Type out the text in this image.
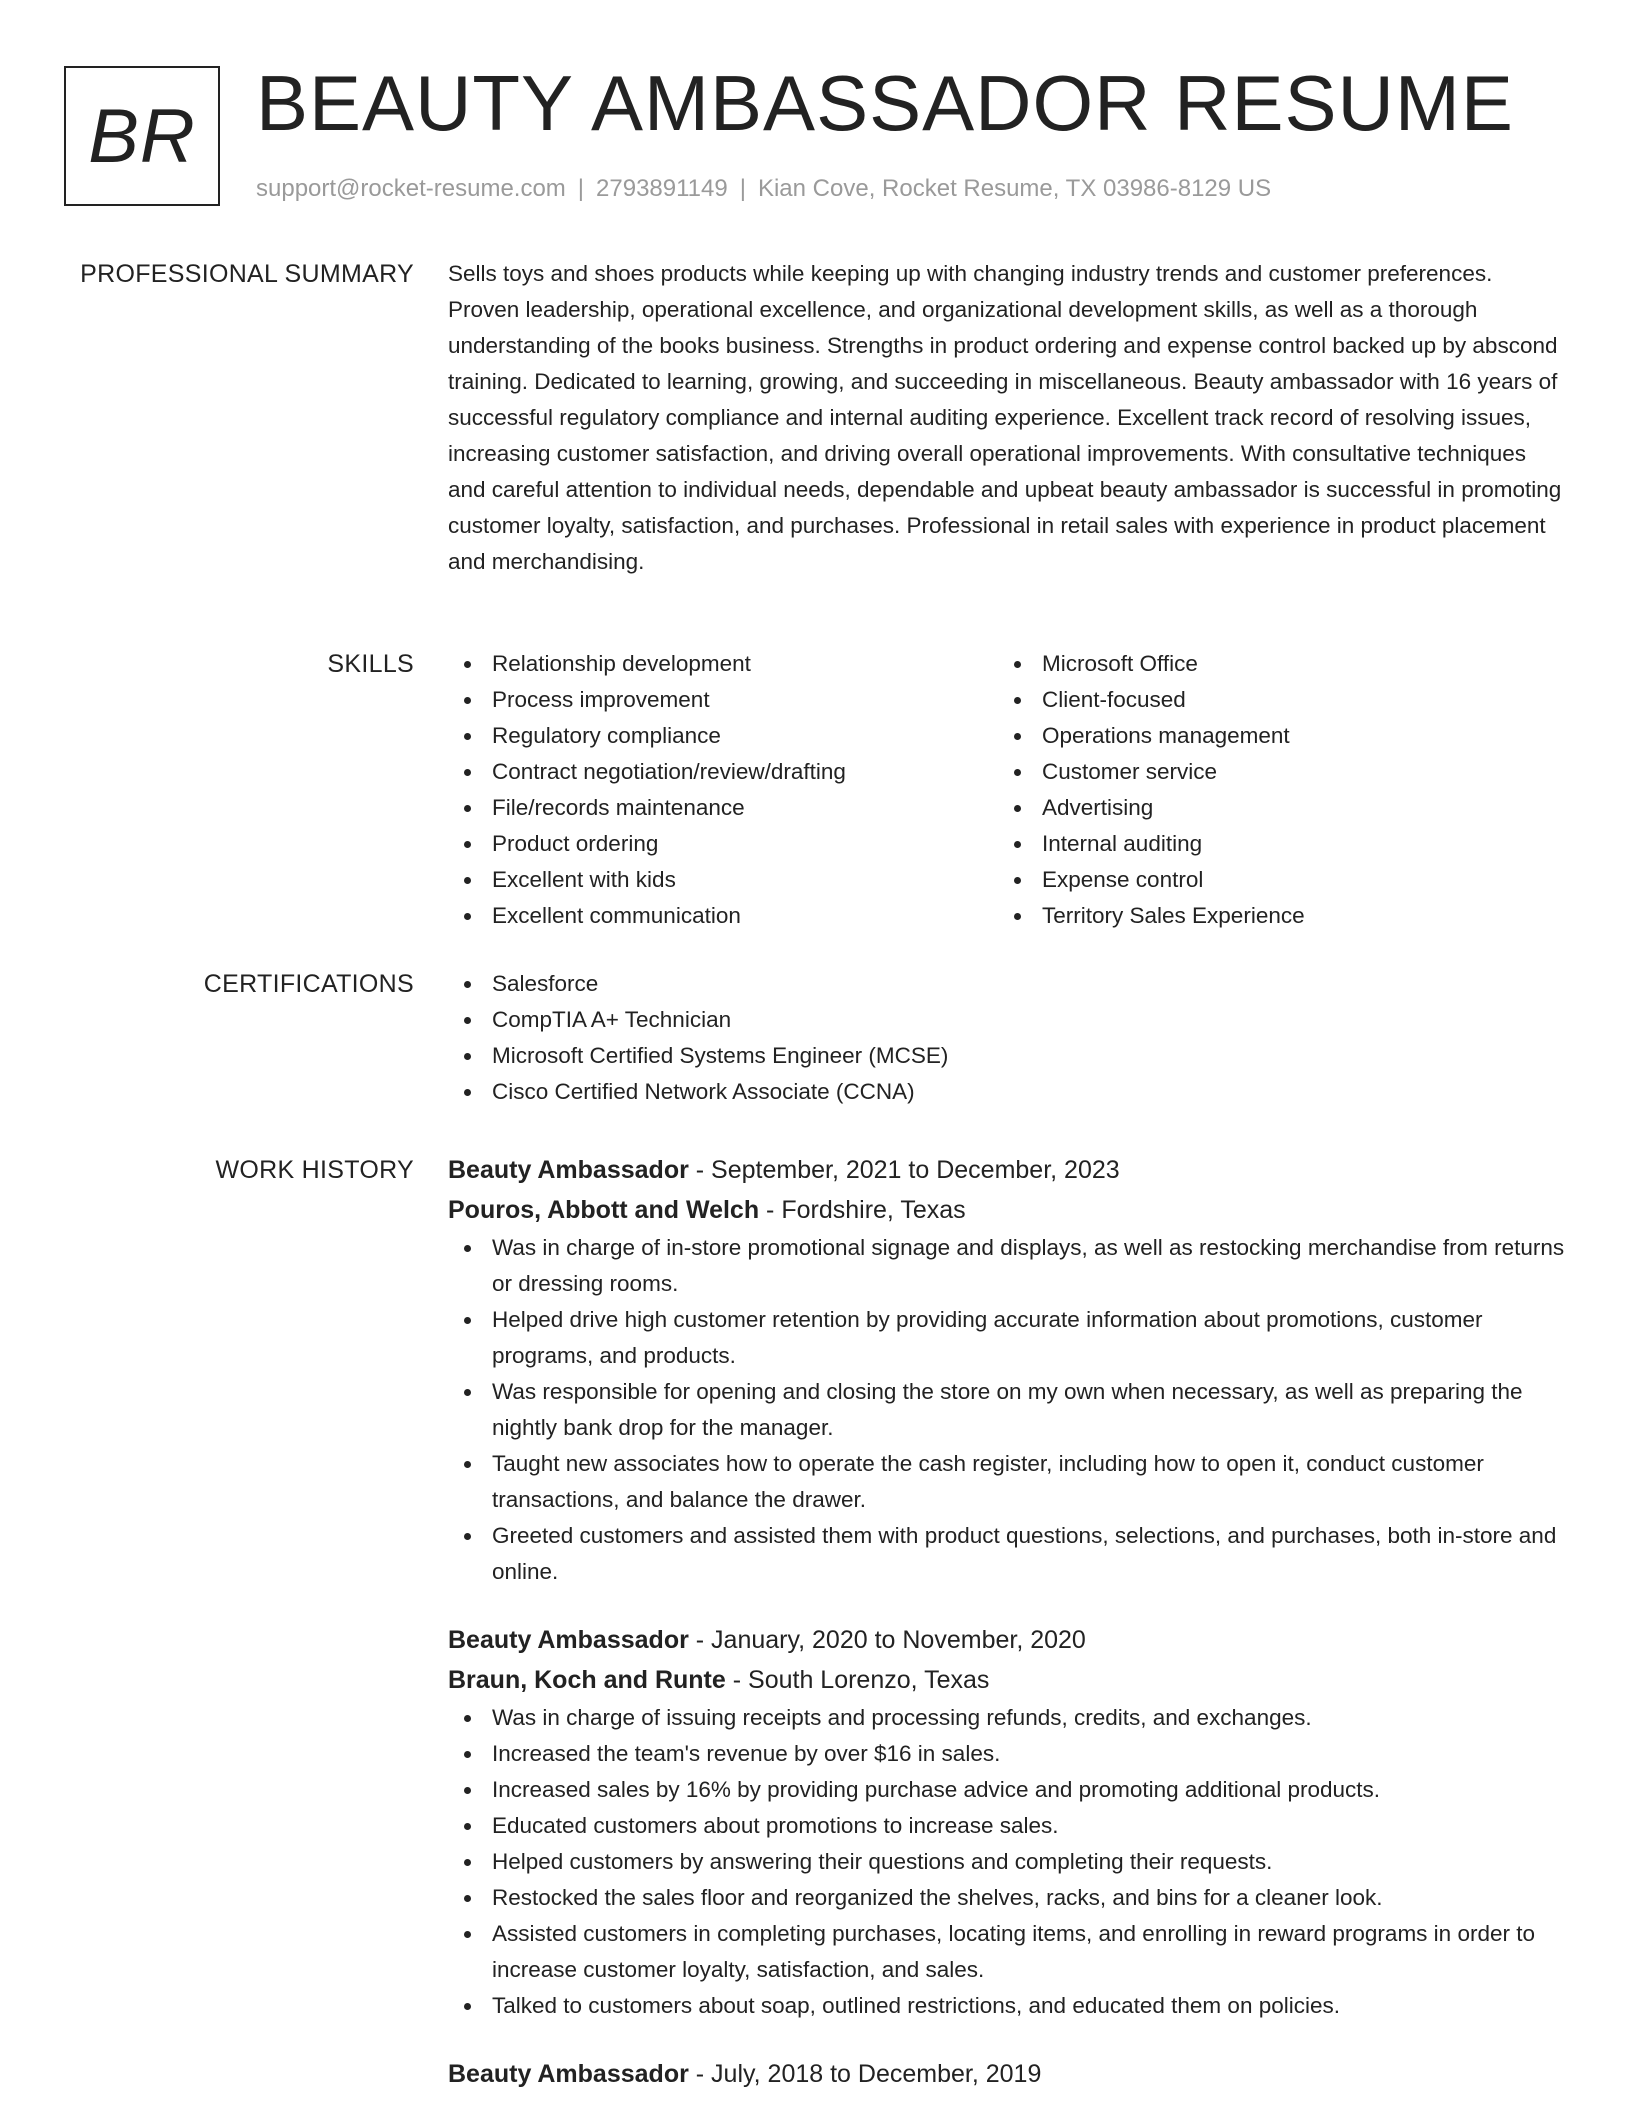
BR BEAUTY AMBASSADOR RESUME
support@rocket-resume.com | 2793891149 | Kian Cove, Rocket Resume, TX 03986-8129 US
PROFESSIONAL SUMMARY Sells toys and shoes products while keeping up with changing industry trends and customer preferences. Proven leadership, operational excellence, and organizational development skills, as well as a thorough understanding of the books business. Strengths in product ordering and expense control backed up by abscond training. Dedicated to learning, growing, and succeeding in miscellaneous. Beauty ambassador with 16 years of successful regulatory compliance and internal auditing experience. Excellent track record of resolving issues, increasing customer satisfaction, and driving overall operational improvements. With consultative techniques and careful attention to individual needs, dependable and upbeat beauty ambassador is successful in promoting customer loyalty, satisfaction, and purchases. Professional in retail sales with experience in product placement and merchandising.

SKILLS	Relationship development
Process improvement
Regulatory compliance
Contract negotiation/review/drafting
File/records maintenance
Product ordering
Excellent with kids
Excellent communication
Microsoft Office
Client-focused
Operations management
Customer service
Advertising
Internal auditing
Expense control
Territory Sales Experience
CERTIFICATIONS	Salesforce
CompTIA A+ Technician
Microsoft Certified Systems Engineer (MCSE)
Cisco Certified Network Associate (CCNA)
WORK HISTORY Beauty Ambassador - September, 2021 to December, 2023
Pouros, Abbott and Welch - Fordshire, Texas
Was in charge of in-store promotional signage and displays, as well as restocking merchandise from returns or dressing rooms.
Helped drive high customer retention by providing accurate information about promotions, customer programs, and products.
Was responsible for opening and closing the store on my own when necessary, as well as preparing the nightly bank drop for the manager.
Taught new associates how to operate the cash register, including how to open it, conduct customer transactions, and balance the drawer.
Greeted customers and assisted them with product questions, selections, and purchases, both in-store and online.
Beauty Ambassador - January, 2020 to November, 2020
Braun, Koch and Runte - South Lorenzo, Texas
Was in charge of issuing receipts and processing refunds, credits, and exchanges.
Increased the team's revenue by over $16 in sales.
Increased sales by 16% by providing purchase advice and promoting additional products.
Educated customers about promotions to increase sales.
Helped customers by answering their questions and completing their requests.
Restocked the sales floor and reorganized the shelves, racks, and bins for a cleaner look.
Assisted customers in completing purchases, locating items, and enrolling in reward programs in order to increase customer loyalty, satisfaction, and sales.
Talked to customers about soap, outlined restrictions, and educated them on policies.
Beauty Ambassador - July, 2018 to December, 2019
